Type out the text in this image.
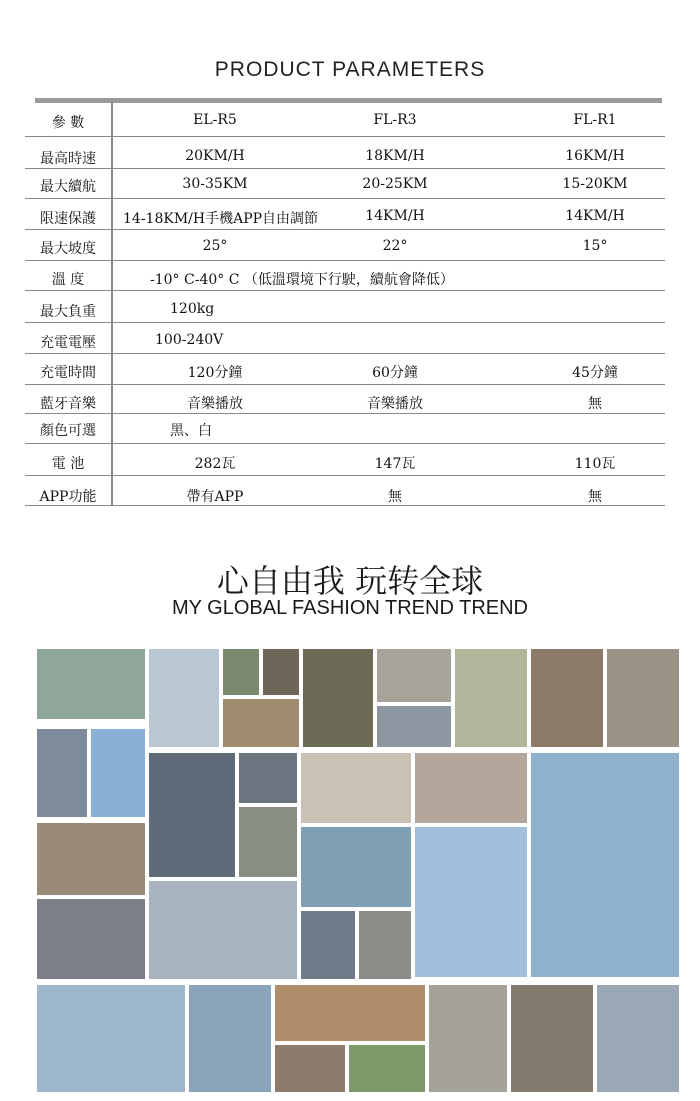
PRODUCT PARAMETERS
參 數	EL-R5	FL-R3	FL-R1
最高時速	20KM/H	18KM/H	16KM/H
最大續航	30-35KM	20-25KM	15-20KM
限速保護	14-18KM/H手機APP自由調節	14KM/H	14KM/H
最大坡度	25°	22°	15°
溫 度	-10° C-40° C （低溫環境下行駛，續航會降低）
最大負重	120kg
充電電壓	100-240V
充電時間	120分鐘	60分鐘	45分鐘
藍牙音樂	音樂播放	音樂播放	無
顏色可選	黑、白
電 池	282瓦	147瓦	110瓦
APP功能	帶有APP	無	無
心自由我 玩转全球
MY GLOBAL FASHION TREND TREND
